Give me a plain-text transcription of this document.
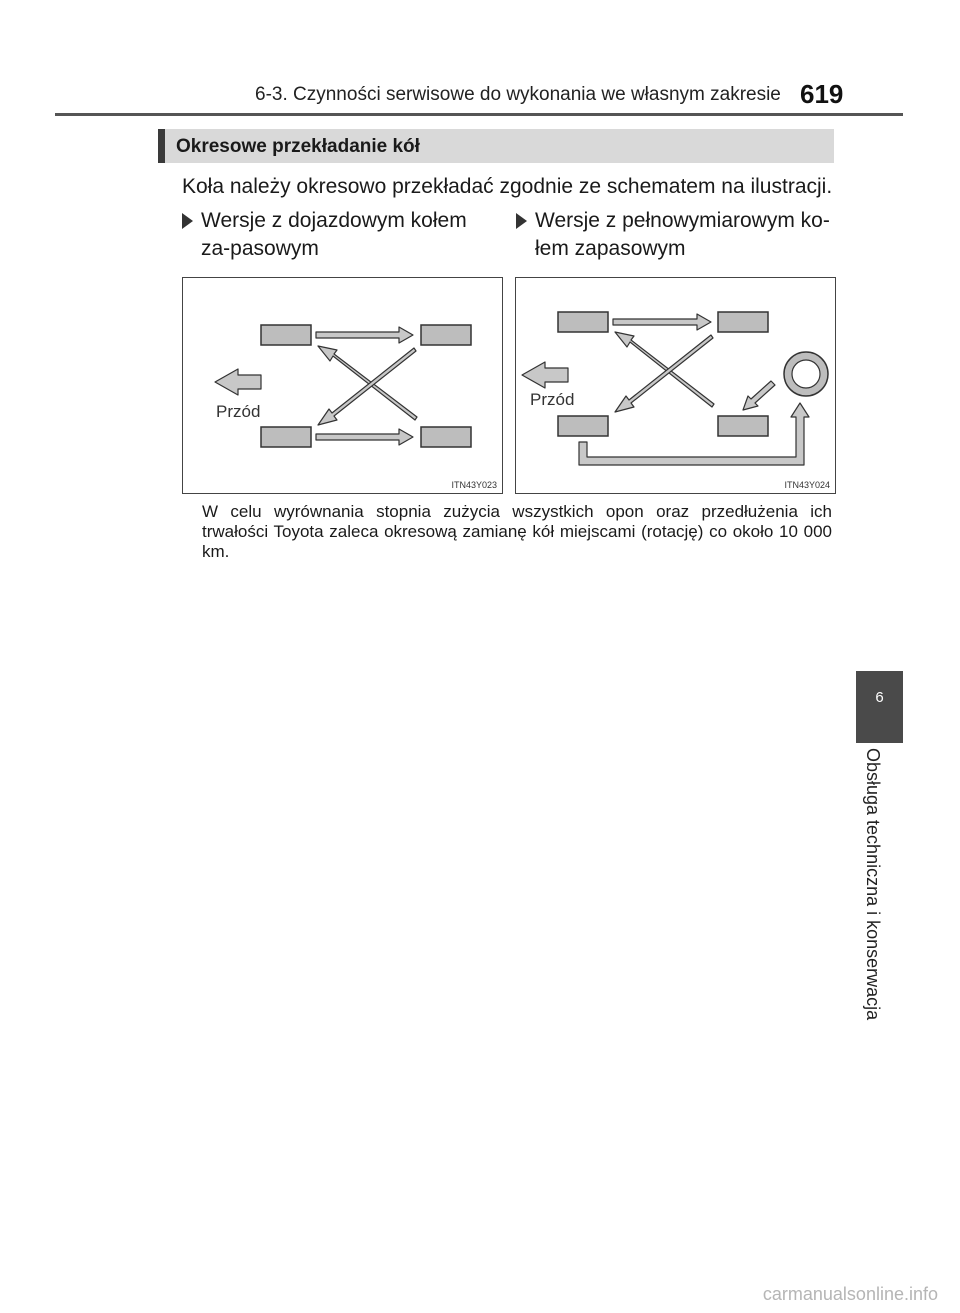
6-3. Czynności serwisowe do wykonania we własnym zakresie 619
Okresowe przekładanie kół
Koła należy okresowo przekładać zgodnie ze schematem na ilustracji.
Wersje z dojazdowym kołem za-pasowym
Wersje z pełnowymiarowym ko-łem zapasowym
Przód
ITN43Y023
Przód
ITN43Y024
W celu wyrównania stopnia zużycia wszystkich opon oraz przedłużenia ich trwałości Toyota zaleca okresową zamianę kół miejscami (rotację) co około 10 000 km.
6
Obsługa techniczna i konserwacja
carmanualsonline.info
